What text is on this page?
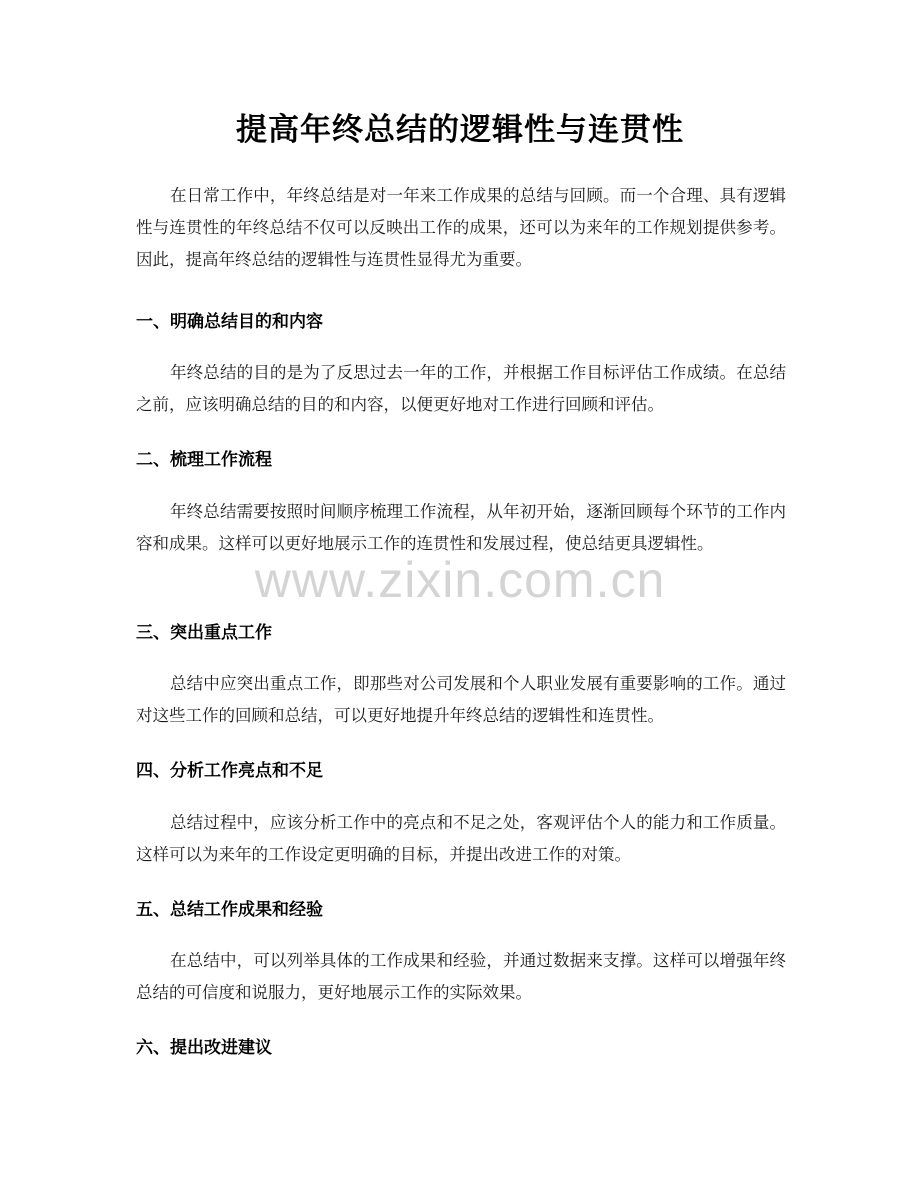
提高年终总结的逻辑性与连贯性

在日常工作中，年终总结是对一年来工作成果的总结与回顾。而一个合理、具有逻辑性与连贯性的年终总结不仅可以反映出工作的成果，还可以为来年的工作规划提供参考。因此，提高年终总结的逻辑性与连贯性显得尤为重要。

一、明确总结目的和内容

年终总结的目的是为了反思过去一年的工作，并根据工作目标评估工作成绩。在总结之前，应该明确总结的目的和内容，以便更好地对工作进行回顾和评估。

二、梳理工作流程

年终总结需要按照时间顺序梳理工作流程，从年初开始，逐渐回顾每个环节的工作内容和成果。这样可以更好地展示工作的连贯性和发展过程，使总结更具逻辑性。

三、突出重点工作

总结中应突出重点工作，即那些对公司发展和个人职业发展有重要影响的工作。通过对这些工作的回顾和总结，可以更好地提升年终总结的逻辑性和连贯性。

四、分析工作亮点和不足

总结过程中，应该分析工作中的亮点和不足之处，客观评估个人的能力和工作质量。这样可以为来年的工作设定更明确的目标，并提出改进工作的对策。

五、总结工作成果和经验

在总结中，可以列举具体的工作成果和经验，并通过数据来支撑。这样可以增强年终总结的可信度和说服力，更好地展示工作的实际效果。

六、提出改进建议
www.zixin.com.cn
